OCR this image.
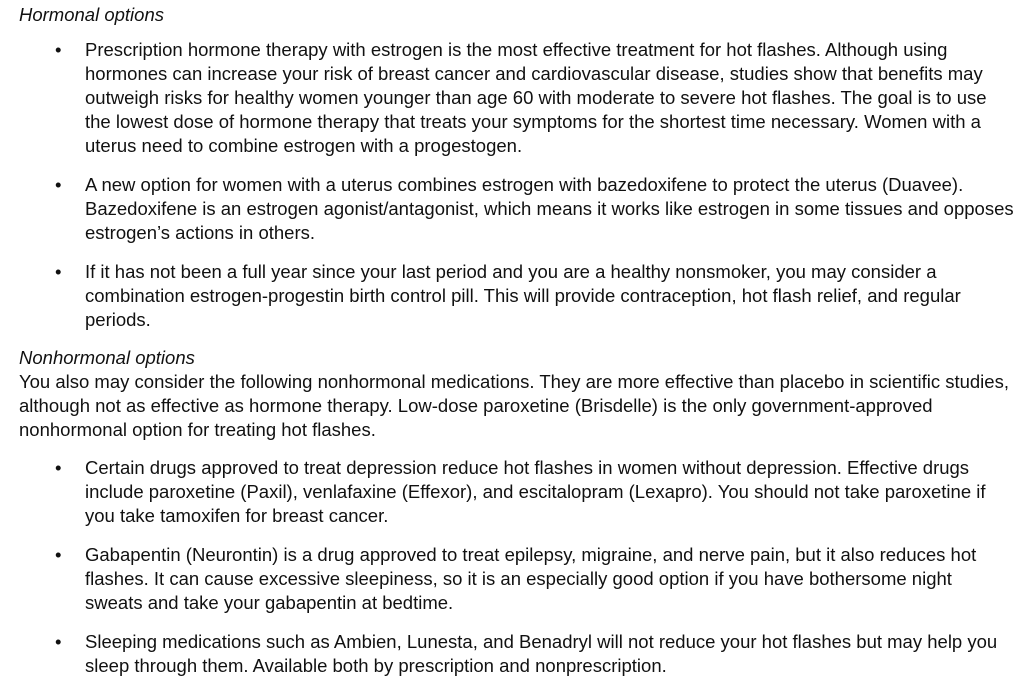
Hormonal options
• Prescription hormone therapy with estrogen is the most effective treatment for hot flashes. Although using hormones can increase your risk of breast cancer and cardiovascular disease, studies show that benefits may outweigh risks for healthy women younger than age 60 with moderate to severe hot flashes. The goal is to use the lowest dose of hormone therapy that treats your symptoms for the shortest time necessary. Women with a uterus need to combine estrogen with a progestogen.
• A new option for women with a uterus combines estrogen with bazedoxifene to protect the uterus (Duavee). Bazedoxifene is an estrogen agonist/antagonist, which means it works like estrogen in some tissues and opposes estrogen’s actions in others.
• If it has not been a full year since your last period and you are a healthy nonsmoker, you may consider a combination estrogen-progestin birth control pill. This will provide contraception, hot flash relief, and regular periods.
Nonhormonal options

You also may consider the following nonhormonal medications. They are more effective than placebo in scientific studies, although not as effective as hormone therapy. Low-dose paroxetine (Brisdelle) is the only government-approved nonhormonal option for treating hot flashes.

• Certain drugs approved to treat depression reduce hot flashes in women without depression. Effective drugs include paroxetine (Paxil), venlafaxine (Effexor), and escitalopram (Lexapro). You should not take paroxetine if you take tamoxifen for breast cancer.
• Gabapentin (Neurontin) is a drug approved to treat epilepsy, migraine, and nerve pain, but it also reduces hot flashes. It can cause excessive sleepiness, so it is an especially good option if you have bothersome night sweats and take your gabapentin at bedtime.
• Sleeping medications such as Ambien, Lunesta, and Benadryl will not reduce your hot flashes but may help you sleep through them. Available both by prescription and nonprescription.
